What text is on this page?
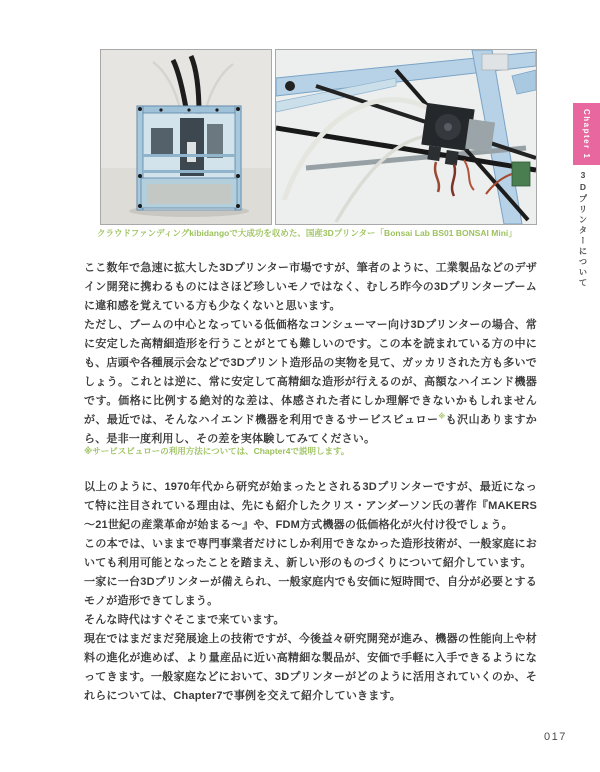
クラウドファンディングkibidangoで大成功を収めた、国産3Dプリンター「Bonsai Lab BS01 BONSAI Mini」

ここ数年で急速に拡大した3Dプリンター市場ですが、筆者のように、工業製品などのデザイン開発に携わるものにはさほど珍しいモノではなく、むしろ昨今の3Dプリンターブームに違和感を覚えている方も少なくないと思います。

ただし、ブームの中心となっている低価格なコンシューマー向け3Dプリンターの場合、常に安定した高精細造形を行うことがとても難しいのです。この本を読まれている方の中にも、店頭や各種展示会などで3Dプリント造形品の実物を見て、ガッカリされた方も多いでしょう。これとは逆に、常に安定して高精細な造形が行えるのが、高額なハイエンド機器です。価格に比例する絶対的な差は、体感された者にしか理解できないかもしれませんが、最近では、そんなハイエンド機器を利用できるサービスビュロー※も沢山ありますから、是非一度利用し、その差を実体験してみてください。

※サービスビュローの利用方法については、Chapter4で説明します。

以上のように、1970年代から研究が始まったとされる3Dプリンターですが、最近になって特に注目されている理由は、先にも紹介したクリス・アンダーソン氏の著作『MAKERS～21世紀の産業革命が始まる～』や、FDM方式機器の低価格化が火付け役でしょう。

この本では、いままで専門事業者だけにしか利用できなかった造形技術が、一般家庭においても利用可能となったことを踏まえ、新しい形のものづくりについて紹介しています。

一家に一台3Dプリンターが備えられ、一般家庭内でも安価に短時間で、自分が必要とするモノが造形できてしまう。

そんな時代はすぐそこまで来ています。

現在ではまだまだ発展途上の技術ですが、今後益々研究開発が進み、機器の性能向上や材料の進化が進めば、より量産品に近い高精細な製品が、安価で手軽に入手できるようになってきます。一般家庭などにおいて、3Dプリンターがどのように活用されていくのか、それらについては、Chapter7で事例を交えて紹介していきます。

Chapter 1
3Dプリンターについて
017
